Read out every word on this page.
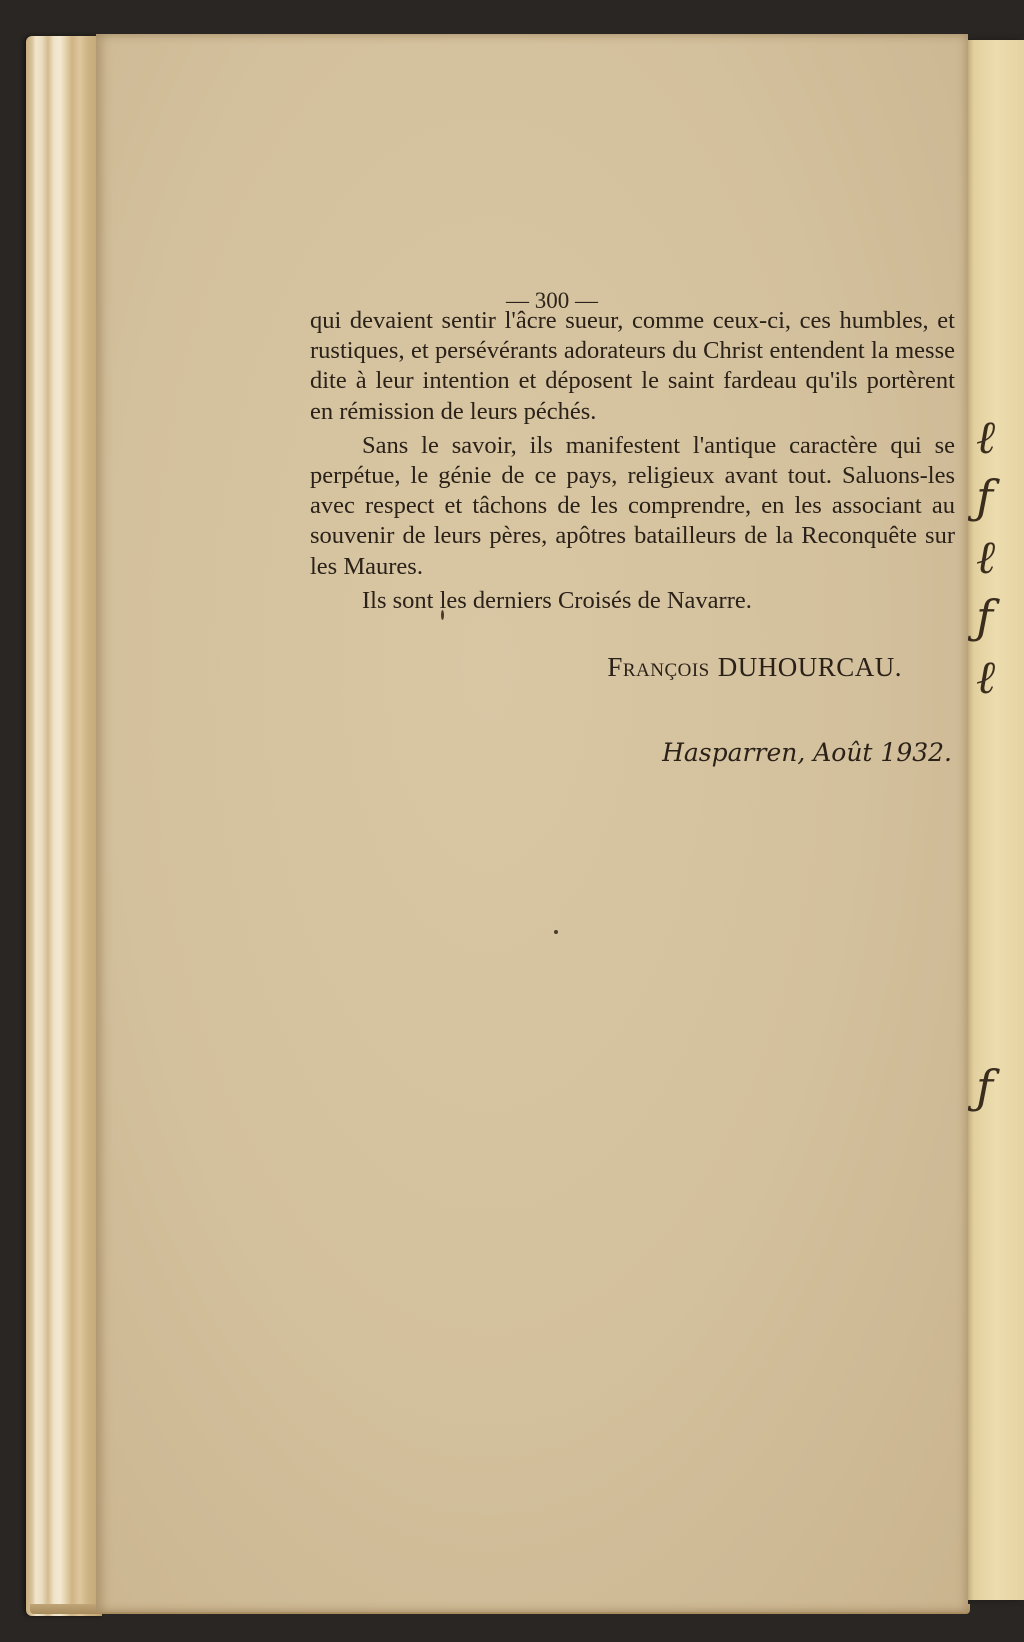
ℓ
ƒ
ℓ
ƒ
ℓ
ƒ
— 300 —

qui devaient sentir l'âcre sueur, comme ceux-ci, ces humbles, et rustiques, et persévérants adorateurs du Christ entendent la messe dite à leur intention et déposent le saint fardeau qu'ils portèrent en rémission de leurs péchés.

Sans le savoir, ils manifestent l'antique caractère qui se perpétue, le génie de ce pays, religieux avant tout. Saluons-les avec respect et tâchons de les comprendre, en les associant au souvenir de leurs pères, apôtres batailleurs de la Reconquête sur les Maures.

Ils sont les derniers Croisés de Navarre.

François DUHOURCAU.
Hasparren, Août 1932.
